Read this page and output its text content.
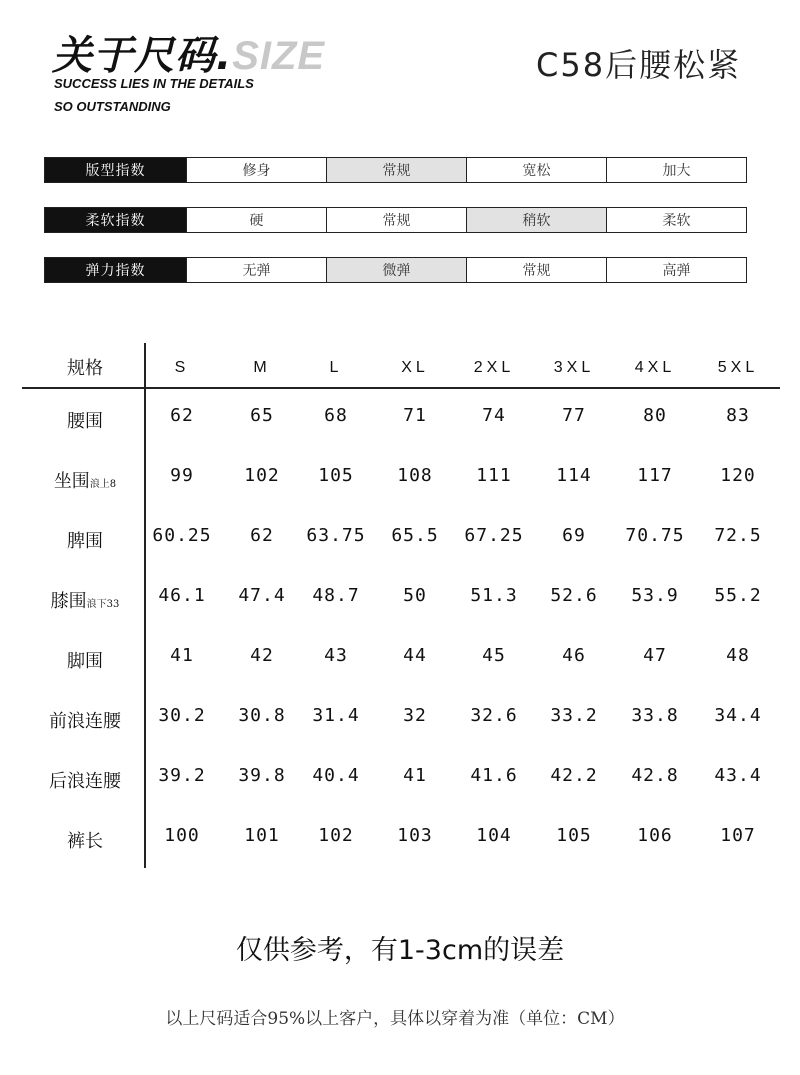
关于尺码.SIZE
SUCCESS LIES IN THE DETAILS
SO OUTSTANDING
C58后腰松紧
版型指数	修身	常规	宽松	加大
柔软指数	硬	常规	稍软	柔软
弹力指数	无弹	微弹	常规	高弹
规格	S	M	L	XL	2XL	3XL	4XL	5XL
腰围	62	65	68	71	74	77	80	83
坐围浪上8	99	102	105	108	111	114	117	120
脾围	60.25	62	63.75	65.5	67.25	69	70.75	72.5
膝围浪下33	46.1	47.4	48.7	50	51.3	52.6	53.9	55.2
脚围	41	42	43	44	45	46	47	48
前浪连腰	30.2	30.8	31.4	32	32.6	33.2	33.8	34.4
后浪连腰	39.2	39.8	40.4	41	41.6	42.2	42.8	43.4
裤长	100	101	102	103	104	105	106	107
仅供参考，有1-3cm的误差
以上尺码适合95%以上客户，具体以穿着为准（单位：CM）
